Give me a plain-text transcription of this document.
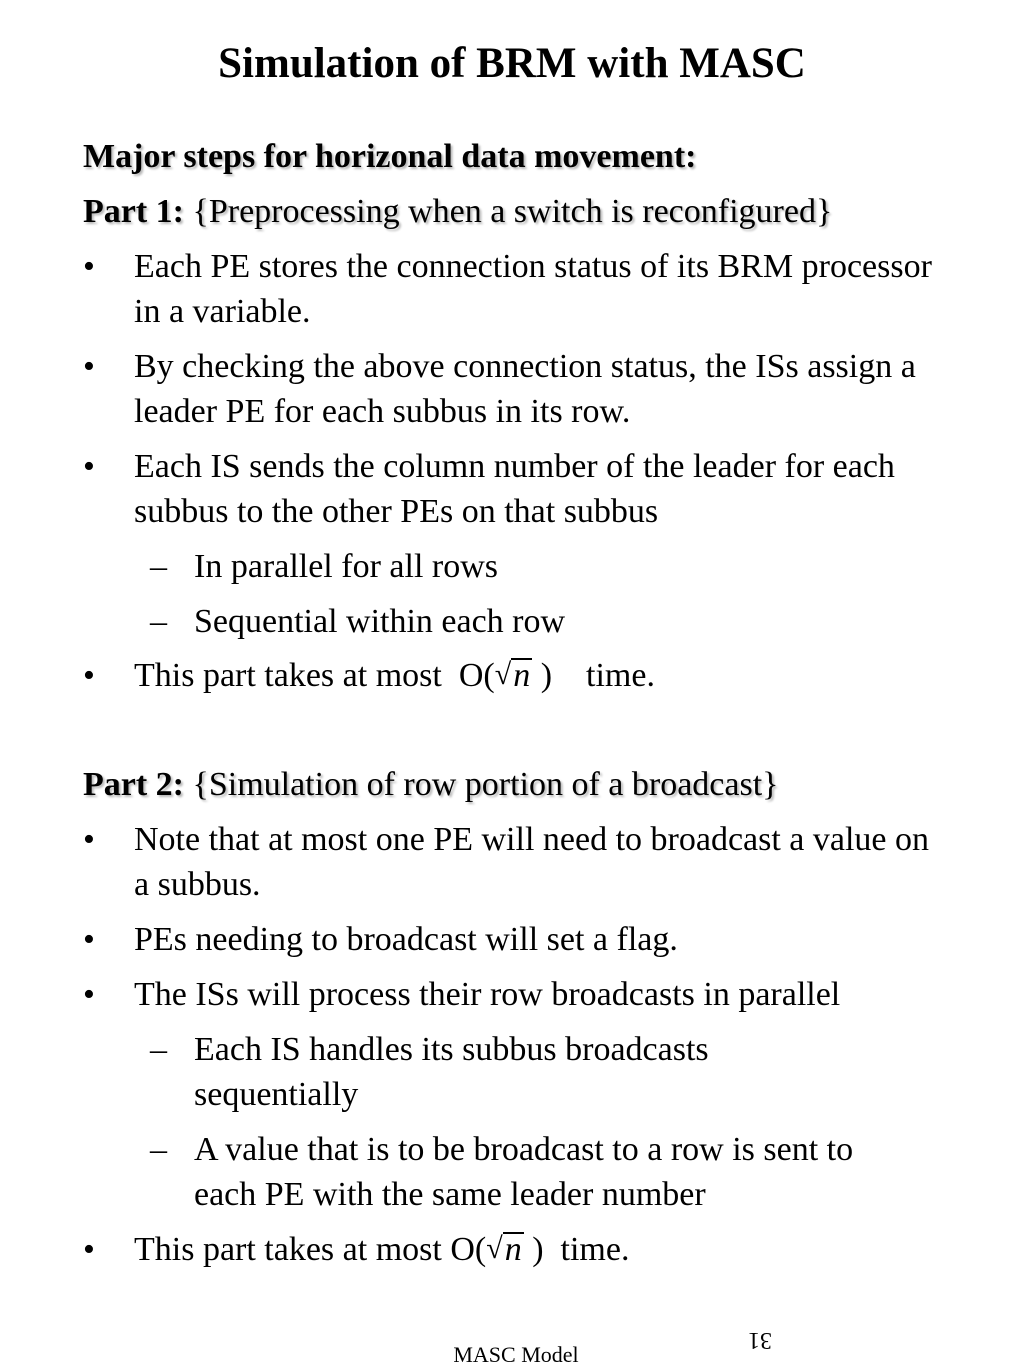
Simulation of BRM with MASC
Major steps for horizonal data movement:
Part 1: {Preprocessing when a switch is reconfigured}
• Each PE stores the connection status of its BRM processor in a variable.
• By checking the above connection status, the ISs assign a leader PE for each subbus in its row.
• Each IS sends the column number of the leader for each subbus to the other PEs on that subbus
– In parallel for all rows
– Sequential within each row
• This part takes at most O(√n ) time.
Part 2: {Simulation of row portion of a broadcast}
• Note that at most one PE will need to broadcast a value on a subbus.
• PEs needing to broadcast will set a flag.
• The ISs will process their row broadcasts in parallel
– Each IS handles its subbus broadcasts sequentially
– A value that is to be broadcast to a row is sent to each PE with the same leader number
• This part takes at most O(√n ) time.
31
MASC Model
